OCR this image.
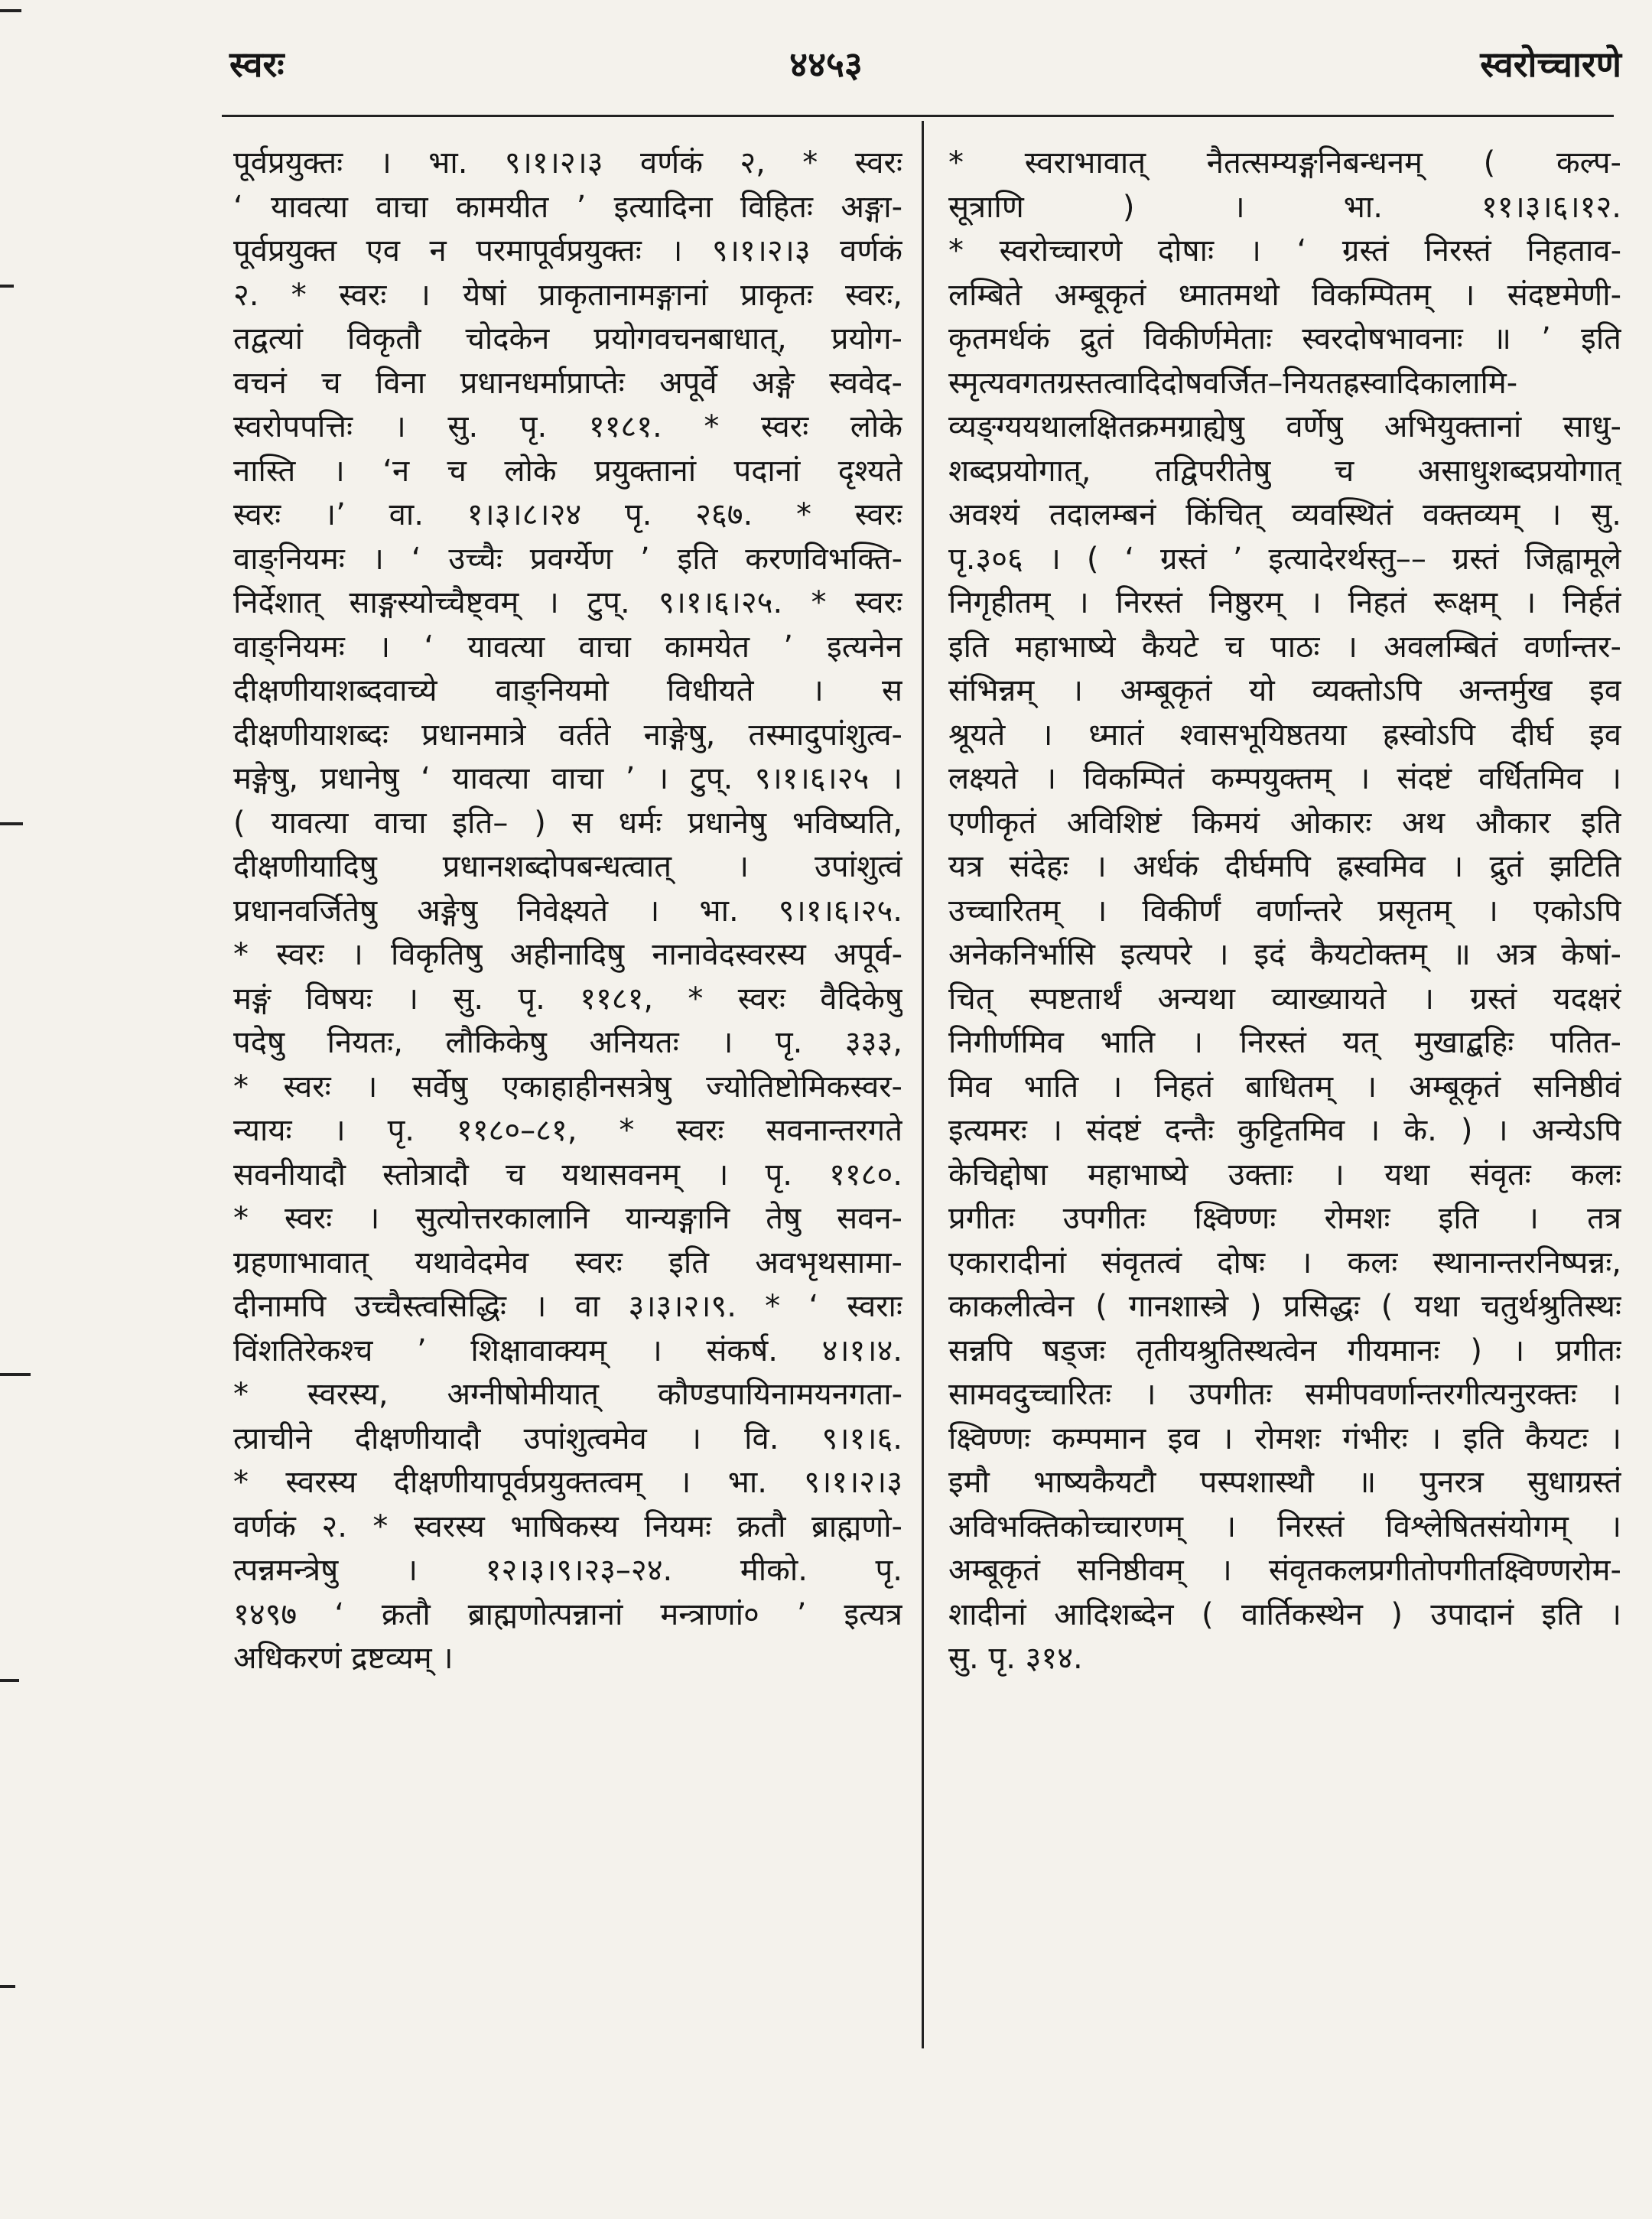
स्वरः	४४५३	स्वरोच्चारणे
पूर्वप्रयुक्तः । भा. ९।१।२।३ वर्णकं २, * स्वरः
‘ यावत्या वाचा कामयीत ’ इत्यादिना विहितः अङ्गा-
पूर्वप्रयुक्त एव न परमापूर्वप्रयुक्तः । ९।१।२।३ वर्णकं
२. * स्वरः । येषां प्राकृतानामङ्गानां प्राकृतः स्वरः,
तद्वत्यां विकृतौ चोदकेन प्रयोगवचनबाधात्, प्रयोग-
वचनं च विना प्रधानधर्माप्राप्तेः अपूर्वे अङ्गे स्ववेद-
स्वरोपपत्तिः । सु. पृ. ११८१. * स्वरः लोके
नास्ति । ‘न च लोके प्रयुक्तानां पदानां दृश्यते
स्वरः ।’ वा. १।३।८।२४ पृ. २६७. * स्वरः
वाङ्नियमः । ‘ उच्चैः प्रवर्ग्येण ’ इति करणविभक्ति-
निर्देशात् साङ्गस्योच्चैष्ट्वम् । टुप्. ९।१।६।२५. * स्वरः
वाङ्नियमः । ‘ यावत्या वाचा कामयेत ’ इत्यनेन
दीक्षणीयाशब्दवाच्ये वाङ्नियमो विधीयते । स
दीक्षणीयाशब्दः प्रधानमात्रे वर्तते नाङ्गेषु, तस्मादुपांशुत्व-
मङ्गेषु, प्रधानेषु ‘ यावत्या वाचा ’ । टुप्. ९।१।६।२५ ।
( यावत्या वाचा इति– ) स धर्मः प्रधानेषु भविष्यति,
दीक्षणीयादिषु प्रधानशब्दोपबन्धत्वात् । उपांशुत्वं
प्रधानवर्जितेषु अङ्गेषु निवेक्ष्यते । भा. ९।१।६।२५.
* स्वरः । विकृतिषु अहीनादिषु नानावेदस्वरस्य अपूर्व-
मङ्गं विषयः । सु. पृ. ११८१, * स्वरः वैदिकेषु
पदेषु नियतः, लौकिकेषु अनियतः । पृ. ३३३,
* स्वरः । सर्वेषु एकाहाहीनसत्रेषु ज्योतिष्टोमिकस्वर-
न्यायः । पृ. ११८०–८१, * स्वरः सवनान्तरगते
सवनीयादौ स्तोत्रादौ च यथासवनम् । पृ. ११८०.
* स्वरः । सुत्योत्तरकालानि यान्यङ्गानि तेषु सवन-
ग्रहणाभावात् यथावेदमेव स्वरः इति अवभृथसामा-
दीनामपि उच्चैस्त्वसिद्धिः । वा ३।३।२।९. * ‘ स्वराः
विंशतिरेकश्च ’ शिक्षावाक्यम् । संकर्ष. ४।१।४.
* स्वरस्य, अग्नीषोमीयात् कौण्डपायिनामयनगता-
त्प्राचीने दीक्षणीयादौ उपांशुत्वमेव । वि. ९।१।६.
* स्वरस्य दीक्षणीयापूर्वप्रयुक्तत्वम् । भा. ९।१।२।३
वर्णकं २. * स्वरस्य भाषिकस्य नियमः क्रतौ ब्राह्मणो-
त्पन्नमन्त्रेषु । १२।३।९।२३–२४. मीको. पृ.
१४९७ ‘ क्रतौ ब्राह्मणोत्पन्नानां मन्त्राणां० ’ इत्यत्र
अधिकरणं द्रष्टव्यम् ।
* स्वराभावात् नैतत्सम्यङ्गनिबन्धनम् ( कल्प-
सूत्राणि ) । भा. ११।३।६।१२.
* स्वरोच्चारणे दोषाः । ‘ ग्रस्तं निरस्तं निहताव-
लम्बिते अम्बूकृतं ध्मातमथो विकम्पितम् । संदष्टमेणी-
कृतमर्धकं द्रुतं विकीर्णमेताः स्वरदोषभावनाः ॥ ’ इति
स्मृत्यवगतग्रस्तत्वादिदोषवर्जित–नियतह्रस्वादिकालामि-
व्यङ्ग्ययथालक्षितक्रमग्राह्येषु वर्णेषु अभियुक्तानां साधु-
शब्दप्रयोगात्, तद्विपरीतेषु च असाधुशब्दप्रयोगात्
अवश्यं तदालम्बनं किंचित् व्यवस्थितं वक्तव्यम् । सु.
पृ.३०६ । ( ‘ ग्रस्तं ’ इत्यादेरर्थस्तु–– ग्रस्तं जिह्वामूले
निगृहीतम् । निरस्तं निष्ठुरम् । निहतं रूक्षम् । निर्हतं
इति महाभाष्ये कैयटे च पाठः । अवलम्बितं वर्णान्तर-
संभिन्नम् । अम्बूकृतं यो व्यक्तोऽपि अन्तर्मुख इव
श्रूयते । ध्मातं श्वासभूयिष्ठतया ह्रस्वोऽपि दीर्घ इव
लक्ष्यते । विकम्पितं कम्पयुक्तम् । संदष्टं वर्धितमिव ।
एणीकृतं अविशिष्टं किमयं ओकारः अथ औकार इति
यत्र संदेहः । अर्धकं दीर्घमपि ह्रस्वमिव । द्रुतं झटिति
उच्चारितम् । विकीर्णं वर्णान्तरे प्रसृतम् । एकोऽपि
अनेकनिर्भासि इत्यपरे । इदं कैयटोक्तम् ॥ अत्र केषां-
चित् स्पष्टतार्थं अन्यथा व्याख्यायते । ग्रस्तं यदक्षरं
निगीर्णमिव भाति । निरस्तं यत् मुखाद्बहिः पतित-
मिव भाति । निहतं बाधितम् । अम्बूकृतं सनिष्ठीवं
इत्यमरः । संदष्टं दन्तैः कुट्टितमिव । के. ) । अन्येऽपि
केचिद्दोषा महाभाष्ये उक्ताः । यथा संवृतः कलः
प्रगीतः उपगीतः क्ष्विण्णः रोमशः इति । तत्र
एकारादीनां संवृतत्वं दोषः । कलः स्थानान्तरनिष्पन्नः,
काकलीत्वेन ( गानशास्त्रे ) प्रसिद्धः ( यथा चतुर्थश्रुतिस्थः
सन्नपि षड्जः तृतीयश्रुतिस्थत्वेन गीयमानः ) । प्रगीतः
सामवदुच्चारितः । उपगीतः समीपवर्णान्तरगीत्यनुरक्तः ।
क्ष्विण्णः कम्पमान इव । रोमशः गंभीरः । इति कैयटः ।
इमौ भाष्यकैयटौ पस्पशास्थौ ॥ पुनरत्र सुधाग्रस्तं
अविभक्तिकोच्चारणम् । निरस्तं विश्लेषितसंयोगम् ।
अम्बूकृतं सनिष्ठीवम् । संवृतकलप्रगीतोपगीतक्ष्विण्णरोम-
शादीनां आदिशब्देन ( वार्तिकस्थेन ) उपादानं इति ।
सु. पृ. ३१४.
